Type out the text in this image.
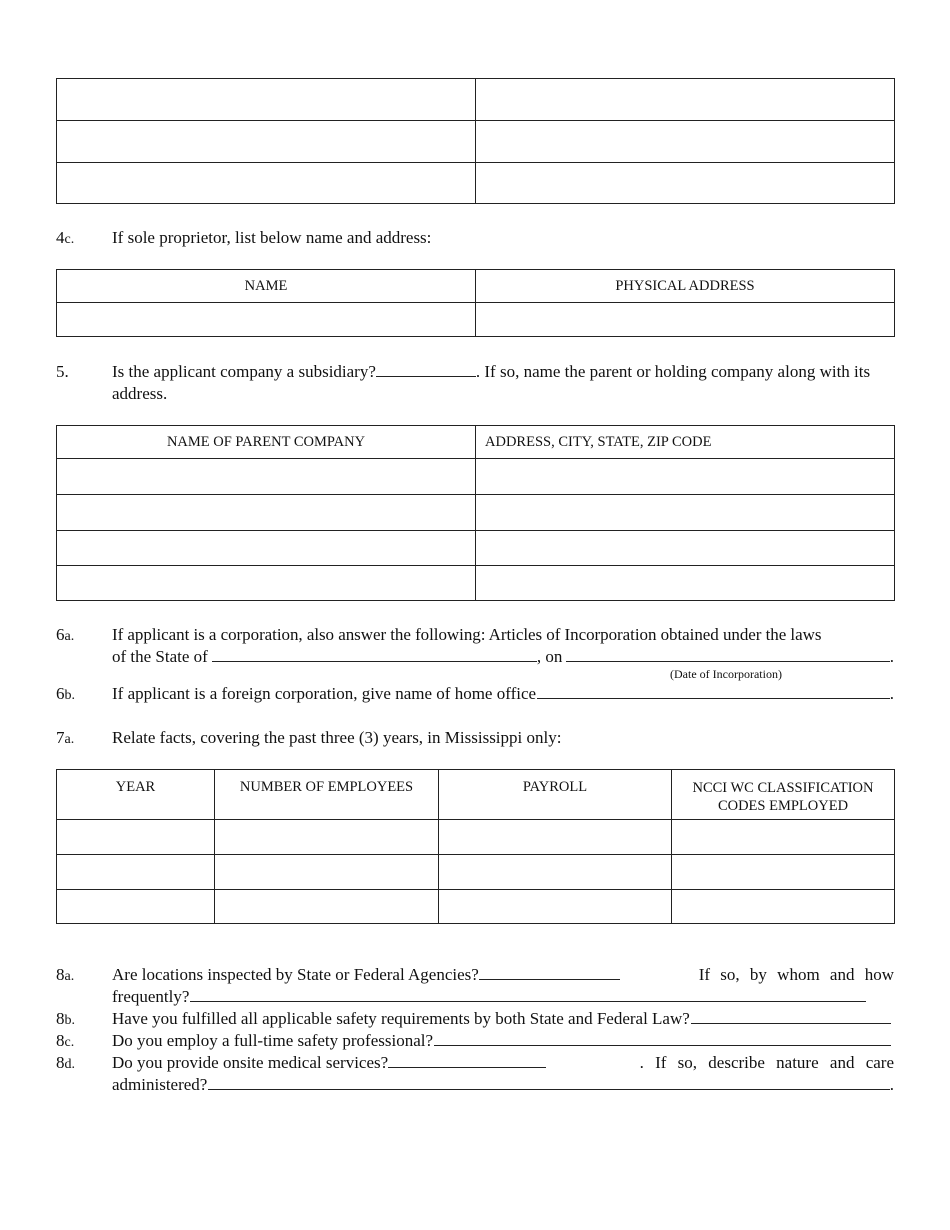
4c.	If sole proprietor, list below name and address:
NAME	PHYSICAL ADDRESS

5.	Is the applicant company a subsidiary?	. If so, name the parent or holding company along with its address.
NAME OF PARENT COMPANY	ADDRESS, CITY, STATE, ZIP CODE

6a.	If applicant is a corporation, also answer the following: Articles of Incorporation obtained under the laws
of the State of	, on	.
(Date of Incorporation)
6b.	If applicant is a foreign corporation, give name of home office	.
7a.	Relate facts, covering the past three (3) years, in Mississippi only:
YEAR	NUMBER OF EMPLOYEES	PAYROLL	NCCI WC CLASSIFICATION CODES EMPLOYED

8a.	Are locations inspected by State or Federal Agencies?	If so, by whom and how
frequently?
8b.	Have you fulfilled all applicable safety requirements by both State and Federal Law?
8c.	Do you employ a full-time safety professional?
8d.	Do you provide onsite medical services?	. If so, describe nature and care
administered?	.
